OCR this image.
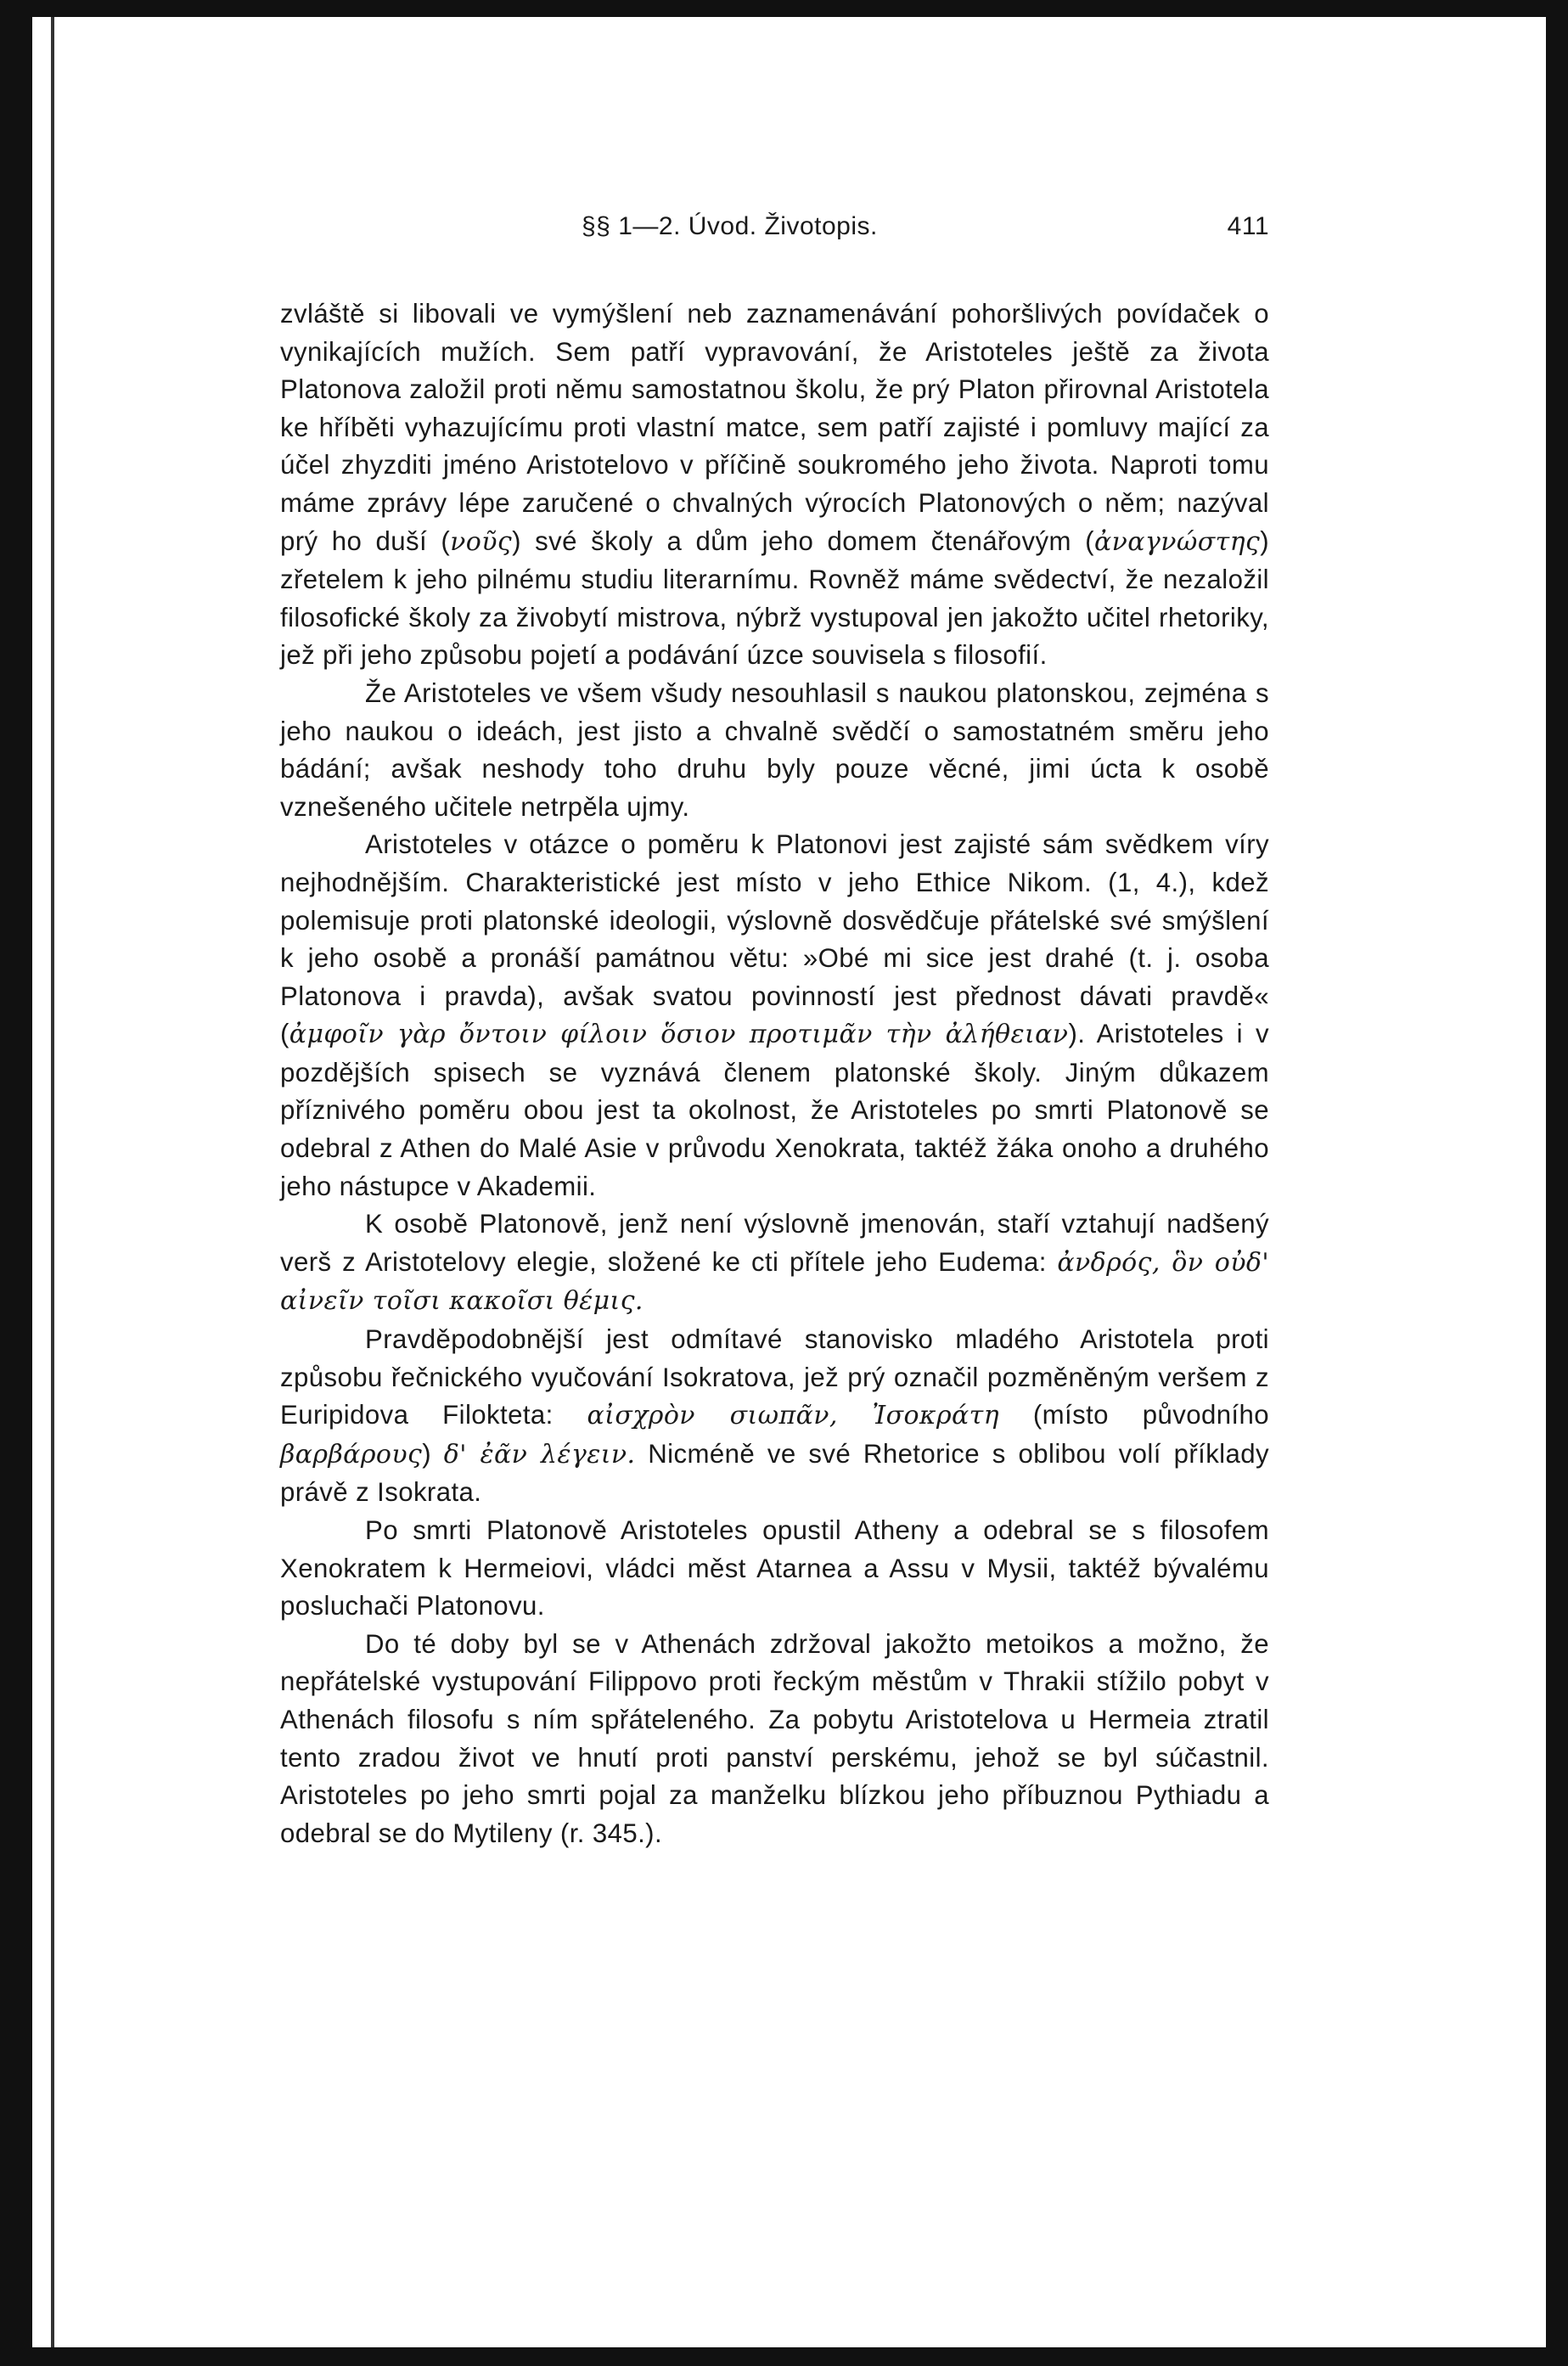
§§ 1—2. Úvod. Životopis.	411

zvláště si libovali ve vymýšlení neb zaznamenávání pohoršlivých povídaček o vynikajících mužích. Sem patří vypravování, že Aristoteles ještě za života Platonova založil proti němu samostatnou školu, že prý Platon přirovnal Aristotela ke hříběti vyhazujícímu proti vlastní matce, sem patří zajisté i pomluvy mající za účel zhyzditi jméno Aristotelovo v příčině soukromého jeho života. Naproti tomu máme zprávy lépe zaručené o chvalných výrocích Platonových o něm; nazýval prý ho duší (νοῦς) své školy a dům jeho domem čtenářovým (ἀναγνώστης) zřetelem k jeho pilnému studiu literarnímu. Rovněž máme svědectví, že nezaložil filosofické školy za živobytí mistrova, nýbrž vystupoval jen jakožto učitel rhetoriky, jež při jeho způsobu pojetí a podávání úzce souvisela s filosofií.

Že Aristoteles ve všem všudy nesouhlasil s naukou platonskou, zejména s jeho naukou o ideách, jest jisto a chvalně svědčí o samostatném směru jeho bádání; avšak neshody toho druhu byly pouze věcné, jimi úcta k osobě vznešeného učitele netrpěla ujmy.

Aristoteles v otázce o poměru k Platonovi jest zajisté sám svědkem víry nejhodnějším. Charakteristické jest místo v jeho Ethice Nikom. (1, 4.), kdež polemisuje proti platonské ideologii, výslovně dosvědčuje přátelské své smýšlení k jeho osobě a pronáší památnou větu: »Obé mi sice jest drahé (t. j. osoba Platonova i pravda), avšak svatou povinností jest přednost dávati pravdě« (ἀμφοῖν γὰρ ὄντοιν φίλοιν ὅσιον προτιμᾶν τὴν ἀλήθειαν). Aristoteles i v pozdějších spisech se vyznává členem platonské školy. Jiným důkazem příznivého poměru obou jest ta okolnost, že Aristoteles po smrti Platonově se odebral z Athen do Malé Asie v průvodu Xenokrata, taktéž žáka onoho a druhého jeho nástupce v Akademii.

K osobě Platonově, jenž není výslovně jmenován, staří vztahují nadšený verš z Aristotelovy elegie, složené ke cti přítele jeho Eudema: ἀνδρός, ὃν οὐδ' αἰνεῖν τοῖσι κακοῖσι θέμις.

Pravděpodobnější jest odmítavé stanovisko mladého Aristotela proti způsobu řečnického vyučování Isokratova, jež prý označil pozměněným veršem z Euripidova Filokteta: αἰσχρὸν σιωπᾶν, Ἰσοκράτη (místo původního βαρβάρους) δ' ἐᾶν λέγειν. Nicméně ve své Rhetorice s oblibou volí příklady právě z Isokrata.

Po smrti Platonově Aristoteles opustil Atheny a odebral se s filosofem Xenokratem k Hermeiovi, vládci měst Atarnea a Assu v Mysii, taktéž bývalému posluchači Platonovu.

Do té doby byl se v Athenách zdržoval jakožto metoikos a možno, že nepřátelské vystupování Filippovo proti řeckým městům v Thrakii stížilo pobyt v Athenách filosofu s ním spřáteleného. Za pobytu Aristotelova u Hermeia ztratil tento zradou život ve hnutí proti panství perskému, jehož se byl súčastnil. Aristoteles po jeho smrti pojal za manželku blízkou jeho příbuznou Pythiadu a odebral se do Mytileny (r. 345.).
